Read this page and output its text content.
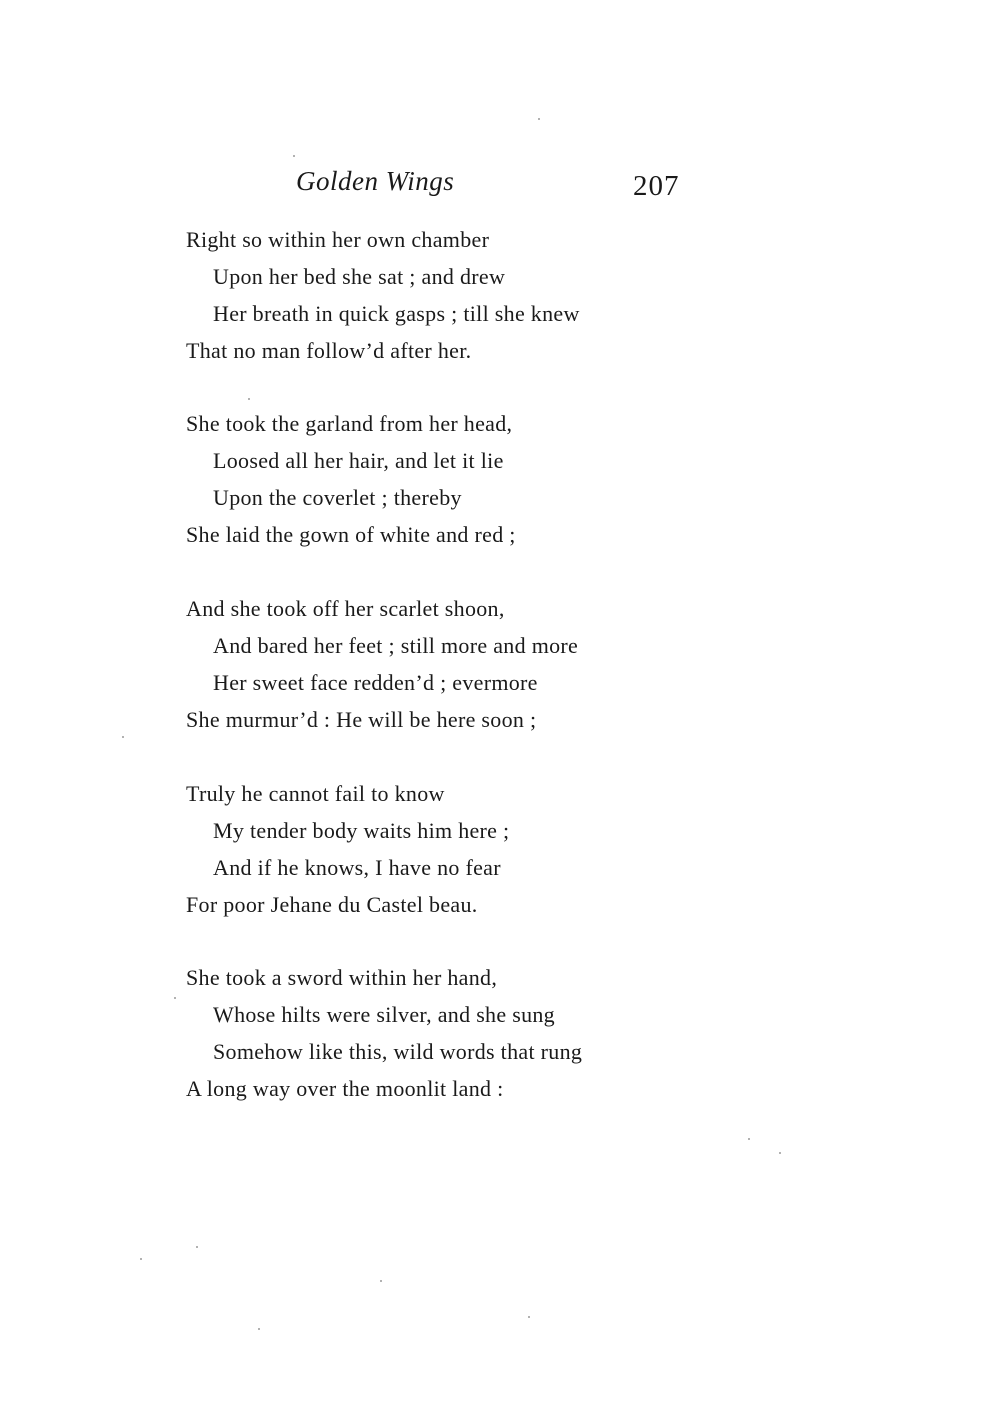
Golden Wings	207
Right so within her own chamber
Upon her bed she sat ; and drew
Her breath in quick gasps ; till she knew
That no man follow’d after her.
She took the garland from her head,
Loosed all her hair, and let it lie
Upon the coverlet ; thereby
She laid the gown of white and red ;
And she took off her scarlet shoon,
And bared her feet ; still more and more
Her sweet face redden’d ; evermore
She murmur’d : He will be here soon ;
Truly he cannot fail to know
My tender body waits him here ;
And if he knows, I have no fear
For poor Jehane du Castel beau.
She took a sword within her hand,
Whose hilts were silver, and she sung
Somehow like this, wild words that rung
A long way over the moonlit land :
